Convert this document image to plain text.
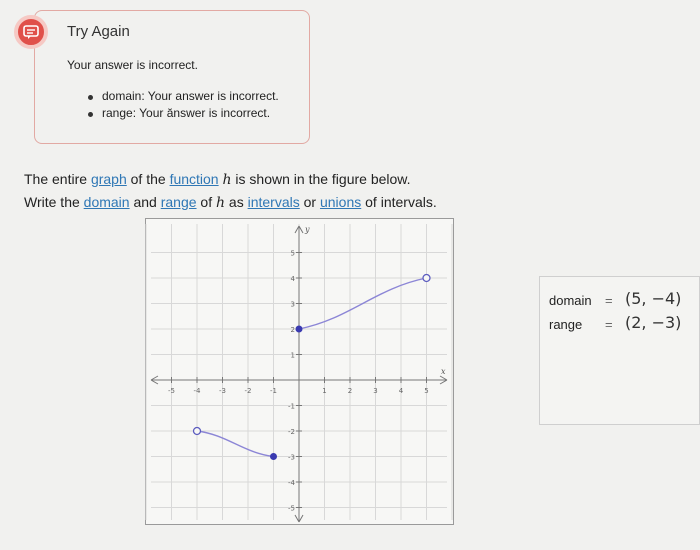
Try Again
Your answer is incorrect.
domain: Your answer is incorrect.
range: Your ănswer is incorrect.
The entire graph of the function h is shown in the figure below.
Write the domain and range of h as intervals or unions of intervals.
x
y
-5	-4	-3	-2	-1	1	2	3	4	5
5
4
3
2
1
-1
-2
-3
-4
-5
domain = (5, −4)
range = (2, −3)
